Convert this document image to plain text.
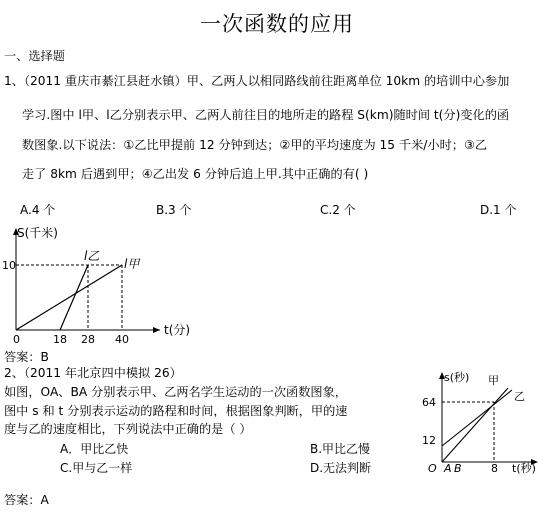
一次函数的应用
一、选择题
1、（2011 重庆市綦江县赶水镇）甲、乙两人以相同路线前往距离单位 10km 的培训中心参加
学习.图中 l甲、l乙分别表示甲、乙两人前往目的地所走的路程 S(km)随时间 t(分)变化的函
数图象.以下说法：①乙比甲提前 12 分钟到达；②甲的平均速度为 15 千米/小时；③乙
走了 8km 后遇到甲；④乙出发 6 分钟后追上甲.其中正确的有( )
A.4 个	B.3 个	C.2 个	D.1 个
S(千米)
t(分)
l乙
l甲
10
0	18 28 40
答案：B
2、（2011 年北京四中模拟 26）
如图，OA、BA 分别表示甲、乙两名学生运动的一次函数图象，
图中 s 和 t 分别表示运动的路程和时间，根据图象判断，甲的速
度与乙的速度相比，下列说法中正确的是（ ）
A．甲比乙快	B.甲比乙慢
C.甲与乙一样	D.无法判断
s(秒) 甲
乙
64
12
O A B	8 t(秒)
答案：A
